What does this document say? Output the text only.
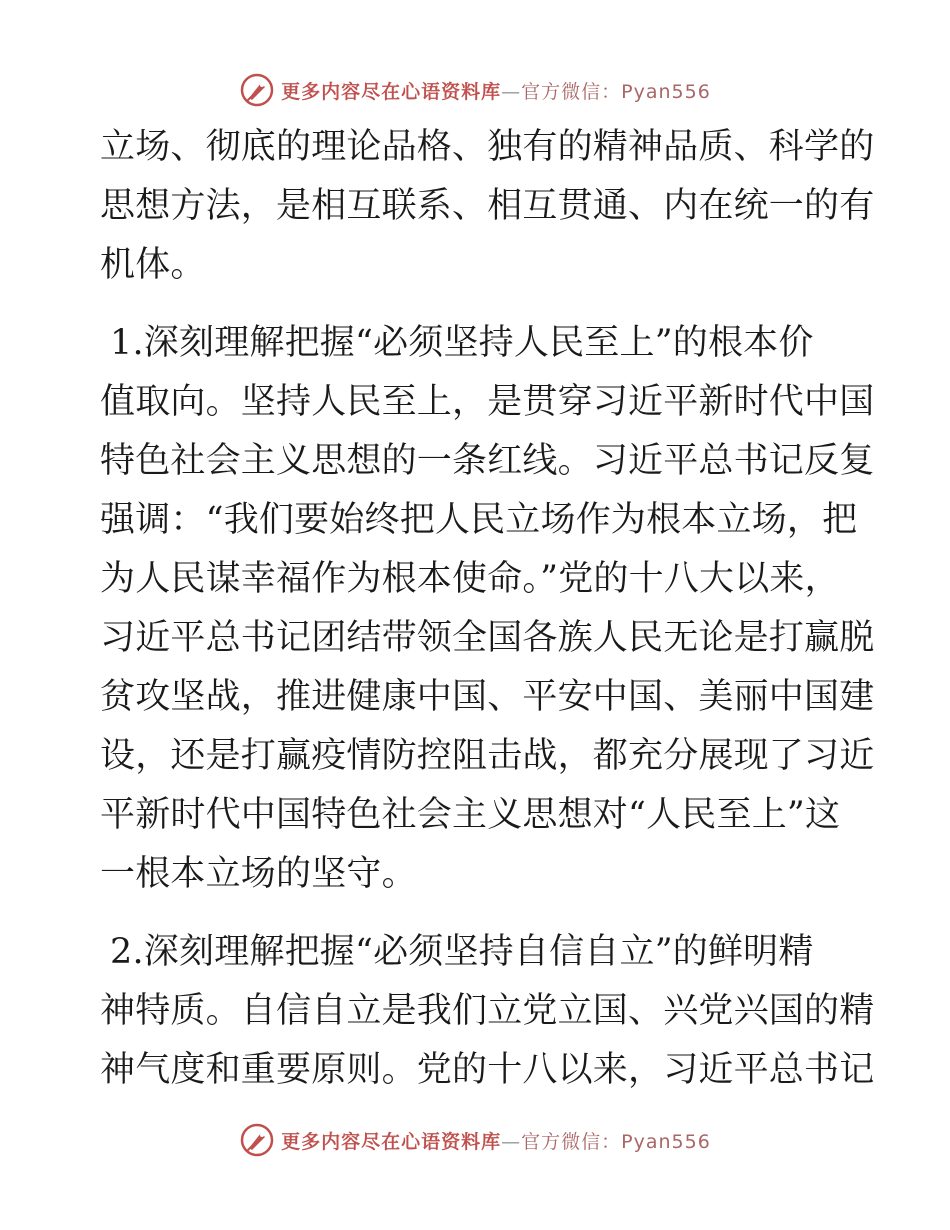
更多内容尽在心语资料库—官方微信：Pyan556
立场、彻底的理论品格、独有的精神品质、科学的
思想方法，是相互联系、相互贯通、内在统一的有
机体。
1.深刻理解把握“必须坚持人民至上”的根本价
值取向。坚持人民至上，是贯穿习近平新时代中国
特色社会主义思想的一条红线。习近平总书记反复
强调：“我们要始终把人民立场作为根本立场，把
为人民谋幸福作为根本使命。”党的十八大以来，
习近平总书记团结带领全国各族人民无论是打赢脱
贫攻坚战，推进健康中国、平安中国、美丽中国建
设，还是打赢疫情防控阻击战，都充分展现了习近
平新时代中国特色社会主义思想对“人民至上”这
一根本立场的坚守。
2.深刻理解把握“必须坚持自信自立”的鲜明精
神特质。自信自立是我们立党立国、兴党兴国的精
神气度和重要原则。党的十八以来，习近平总书记
更多内容尽在心语资料库—官方微信：Pyan556
